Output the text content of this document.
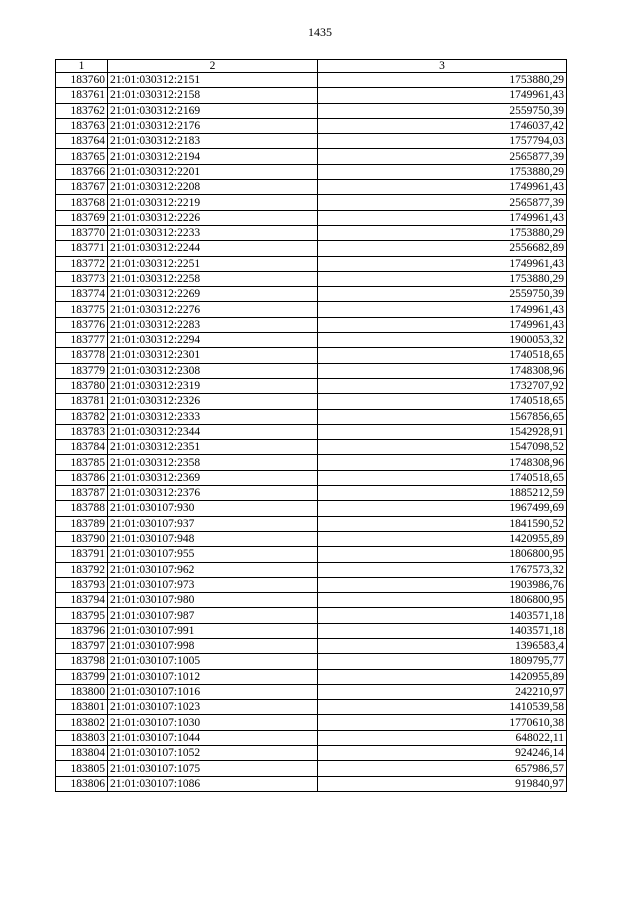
1435
1	2	3
183760	21:01:030312:2151	1753880,29
183761	21:01:030312:2158	1749961,43
183762	21:01:030312:2169	2559750,39
183763	21:01:030312:2176	1746037,42
183764	21:01:030312:2183	1757794,03
183765	21:01:030312:2194	2565877,39
183766	21:01:030312:2201	1753880,29
183767	21:01:030312:2208	1749961,43
183768	21:01:030312:2219	2565877,39
183769	21:01:030312:2226	1749961,43
183770	21:01:030312:2233	1753880,29
183771	21:01:030312:2244	2556682,89
183772	21:01:030312:2251	1749961,43
183773	21:01:030312:2258	1753880,29
183774	21:01:030312:2269	2559750,39
183775	21:01:030312:2276	1749961,43
183776	21:01:030312:2283	1749961,43
183777	21:01:030312:2294	1900053,32
183778	21:01:030312:2301	1740518,65
183779	21:01:030312:2308	1748308,96
183780	21:01:030312:2319	1732707,92
183781	21:01:030312:2326	1740518,65
183782	21:01:030312:2333	1567856,65
183783	21:01:030312:2344	1542928,91
183784	21:01:030312:2351	1547098,52
183785	21:01:030312:2358	1748308,96
183786	21:01:030312:2369	1740518,65
183787	21:01:030312:2376	1885212,59
183788	21:01:030107:930	1967499,69
183789	21:01:030107:937	1841590,52
183790	21:01:030107:948	1420955,89
183791	21:01:030107:955	1806800,95
183792	21:01:030107:962	1767573,32
183793	21:01:030107:973	1903986,76
183794	21:01:030107:980	1806800,95
183795	21:01:030107:987	1403571,18
183796	21:01:030107:991	1403571,18
183797	21:01:030107:998	1396583,4
183798	21:01:030107:1005	1809795,77
183799	21:01:030107:1012	1420955,89
183800	21:01:030107:1016	242210,97
183801	21:01:030107:1023	1410539,58
183802	21:01:030107:1030	1770610,38
183803	21:01:030107:1044	648022,11
183804	21:01:030107:1052	924246,14
183805	21:01:030107:1075	657986,57
183806	21:01:030107:1086	919840,97
